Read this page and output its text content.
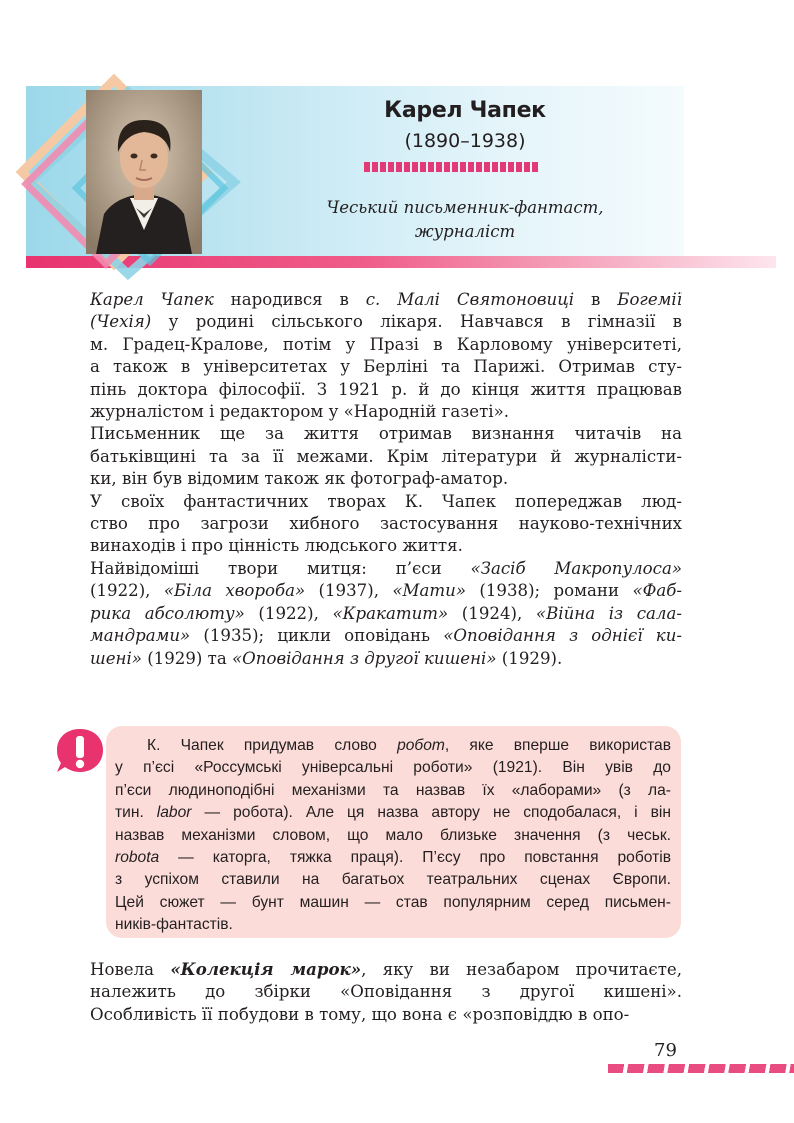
Карел Чапек
(1890–1938)
Чеський письменник-фантаст,
журналіст
Карел Чапек народився в с. Малі Святоновиці в Богемії
(Чехія) у родині сільського лікаря. Навчався в гімназії в
м. Градец-Кралове, потім у Празі в Карловому університеті,
а також в університетах у Берліні та Парижі. Отримав сту-
пінь доктора філософії. З 1921 р. й до кінця життя працював
журналістом і редактором у «Народній газеті».
Письменник ще за життя отримав визнання читачів на
батьківщині та за її межами. Крім літератури й журналісти-
ки, він був відомим також як фотограф-аматор.
У своїх фантастичних творах К. Чапек попереджав люд-
ство про загрози хибного застосування науково-технічних
винаходів і про цінність людського життя.
Найвідоміші твори митця: п’єси «Засіб Макропулоса»
(1922), «Біла хвороба» (1937), «Мати» (1938); романи «Фаб-
рика абсолюту» (1922), «Кракатит» (1924), «Війна із сала-
мандрами» (1935); цикли оповідань «Оповідання з однієї ки-
шені» (1929) та «Оповідання з другої кишені» (1929).
К. Чапек придумав слово робот, яке вперше використав
у п’єсі «Россумські універсальні роботи» (1921). Він увів до
п’єси людиноподібні механізми та назвав їх «лаборами» (з ла-
тин. labor — робота). Але ця назва автору не сподобалася, і він
назвав механізми словом, що мало близьке значення (з чеськ.
robota — каторга, тяжка праця). П’єсу про повстання роботів
з успіхом ставили на багатьох театральних сценах Європи.
Цей сюжет — бунт машин — став популярним серед письмен-
ників-фантастів.
Новела «Колекція марок», яку ви незабаром прочитаєте,
належить до збірки «Оповідання з другої кишені».
Особливість її побудови в тому, що вона є «розповіддю в опо-
79
